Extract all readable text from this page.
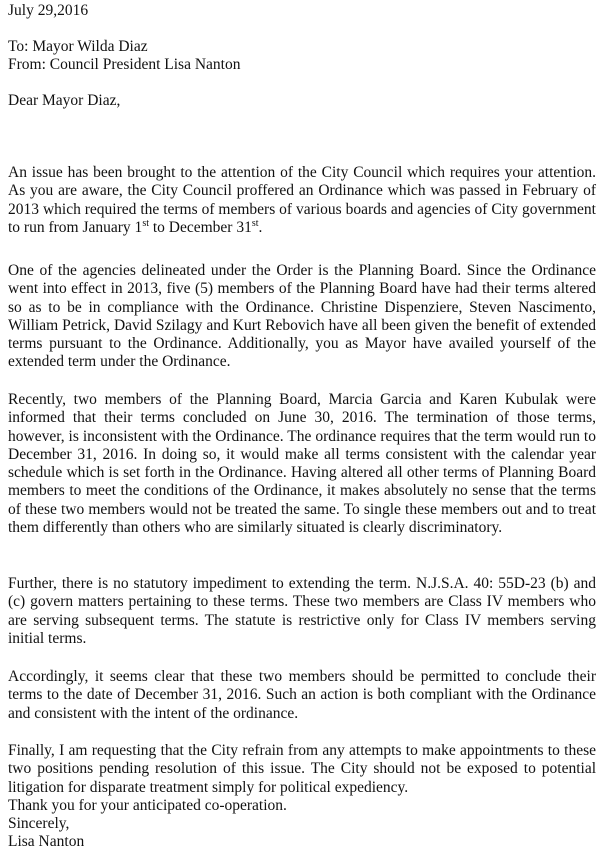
July 29,2016
To: Mayor Wilda Diaz
From: Council President Lisa Nanton
Dear Mayor Diaz,

An issue has been brought to the attention of the City Council which requires your attention. As you are aware, the City Council proffered an Ordinance which was passed in February of 2013 which required the terms of members of various boards and agencies of City government to run from January 1st to December 31st.

One of the agencies delineated under the Order is the Planning Board. Since the Ordinance went into effect in 2013, five (5) members of the Planning Board have had their terms altered so as to be in compliance with the Ordinance. Christine Dispenziere, Steven Nascimento, William Petrick, David Szilagy and Kurt Rebovich have all been given the benefit of extended terms pursuant to the Ordinance. Additionally, you as Mayor have availed yourself of the extended term under the Ordinance.

Recently, two members of the Planning Board, Marcia Garcia and Karen Kubulak were informed that their terms concluded on June 30, 2016. The termination of those terms, however, is inconsistent with the Ordinance. The ordinance requires that the term would run to December 31, 2016. In doing so, it would make all terms consistent with the calendar year schedule which is set forth in the Ordinance. Having altered all other terms of Planning Board members to meet the conditions of the Ordinance, it makes absolutely no sense that the terms of these two members would not be treated the same. To single these members out and to treat them differently than others who are similarly situated is clearly discriminatory.

Further, there is no statutory impediment to extending the term. N.J.S.A. 40: 55D-23 (b) and (c) govern matters pertaining to these terms. These two members are Class IV members who are serving subsequent terms. The statute is restrictive only for Class IV members serving initial terms.

Accordingly, it seems clear that these two members should be permitted to conclude their terms to the date of December 31, 2016. Such an action is both compliant with the Ordinance and consistent with the intent of the ordinance.

Finally, I am requesting that the City refrain from any attempts to make appointments to these two positions pending resolution of this issue. The City should not be exposed to potential litigation for disparate treatment simply for political expediency.

Thank you for your anticipated co-operation.
Sincerely,
Lisa Nanton
